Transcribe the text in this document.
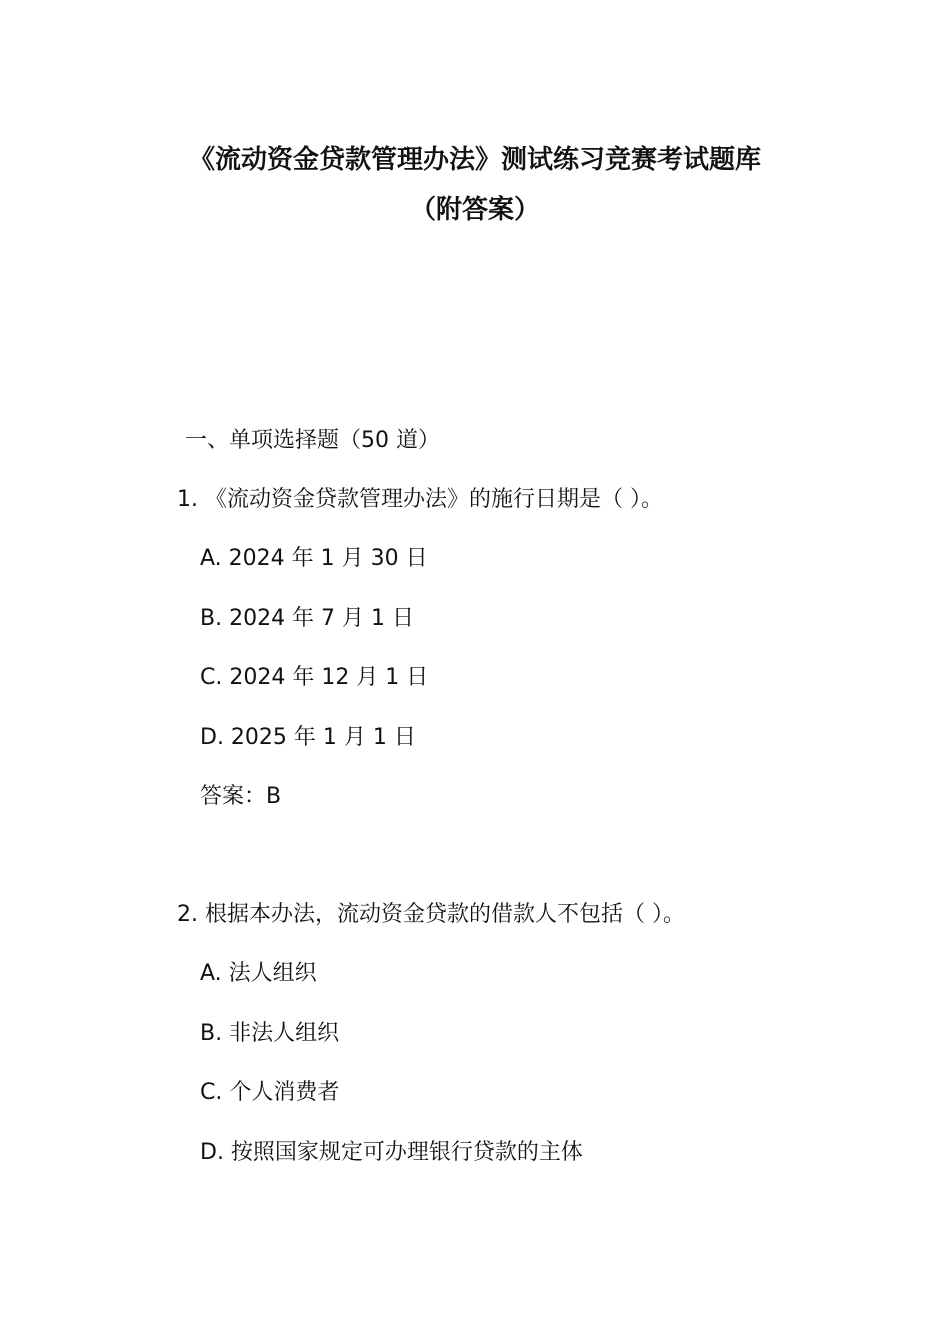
《流动资金贷款管理办法》测试练习竞赛考试题库
（附答案）
一、单项选择题（50 道）
1. 《流动资金贷款管理办法》的施行日期是（ ）。
A. 2024 年 1 月 30 日
B. 2024 年 7 月 1 日
C. 2024 年 12 月 1 日
D. 2025 年 1 月 1 日
答案：B
2. 根据本办法，流动资金贷款的借款人不包括（ ）。
A. 法人组织
B. 非法人组织
C. 个人消费者
D. 按照国家规定可办理银行贷款的主体
